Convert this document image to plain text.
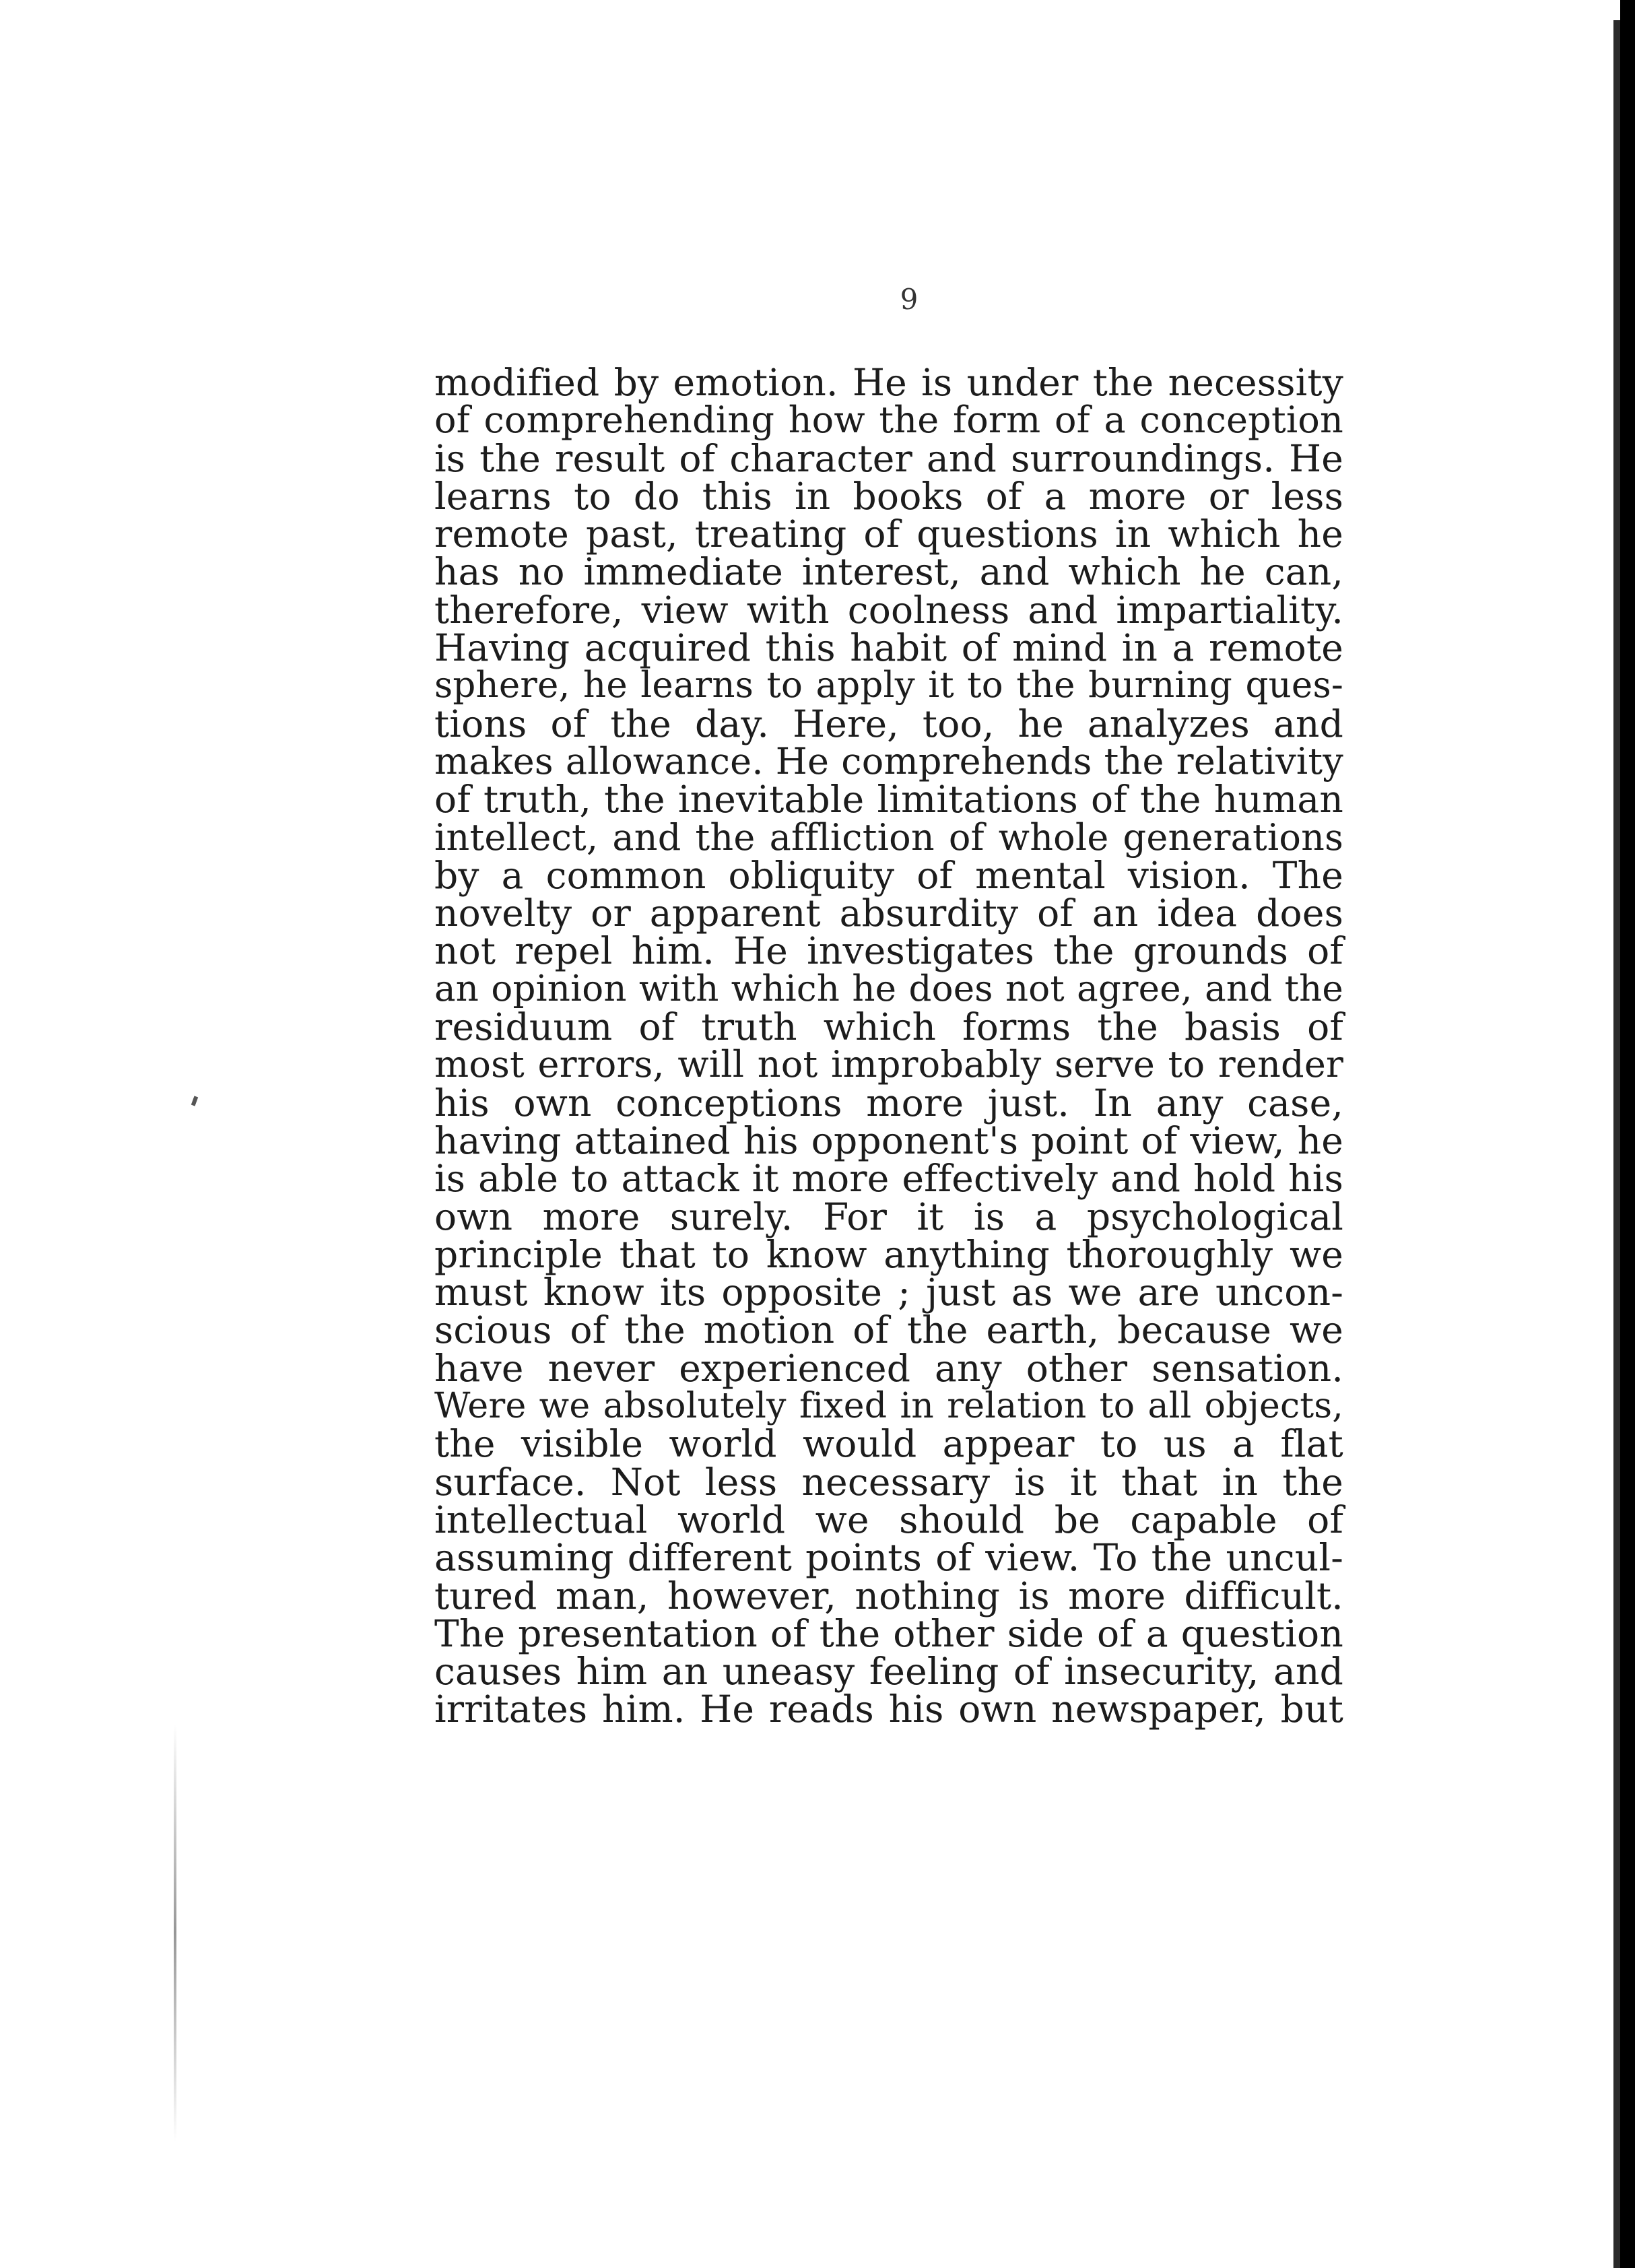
9
modified by emotion. He is under the necessity
of comprehending how the form of a conception
is the result of character and surroundings. He
learns to do this in books of a more or less
remote past, treating of questions in which he
has no immediate interest, and which he can,
therefore, view with coolness and impartiality.
Having acquired this habit of mind in a remote
sphere, he learns to apply it to the burning ques-
tions of the day. Here, too, he analyzes and
makes allowance. He comprehends the relativity
of truth, the inevitable limitations of the human
intellect, and the affliction of whole generations
by a common obliquity of mental vision. The
novelty or apparent absurdity of an idea does
not repel him. He investigates the grounds of
an opinion with which he does not agree, and the
residuum of truth which forms the basis of
most errors, will not improbably serve to render
his own conceptions more just. In any case,
having attained his opponent's point of view, he
is able to attack it more effectively and hold his
own more surely. For it is a psychological
principle that to know anything thoroughly we
must know its opposite ; just as we are uncon-
scious of the motion of the earth, because we
have never experienced any other sensation.
Were we absolutely fixed in relation to all objects,
the visible world would appear to us a flat
surface. Not less necessary is it that in the
intellectual world we should be capable of
assuming different points of view. To the uncul-
tured man, however, nothing is more difficult.
The presentation of the other side of a question
causes him an uneasy feeling of insecurity, and
irritates him. He reads his own newspaper, but
